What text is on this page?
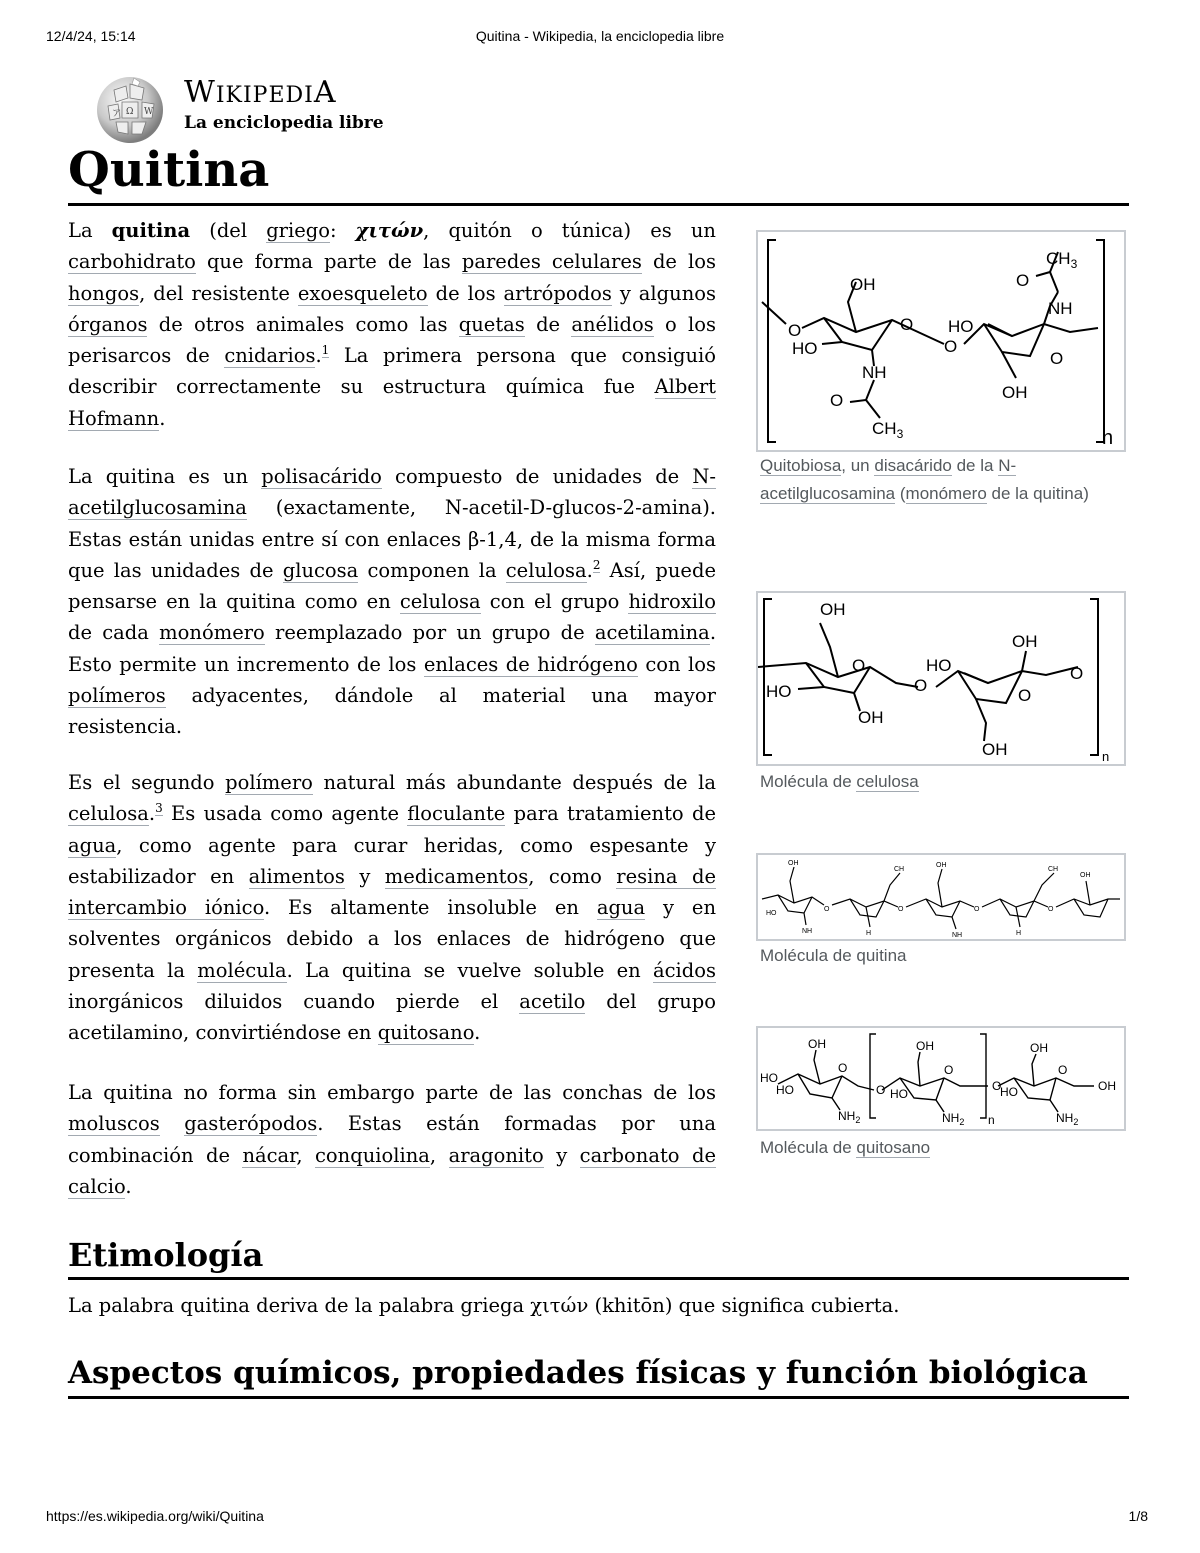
12/4/24, 15:14	Quitina - Wikipedia, la enciclopedia libre
Ω W
ア
WIKIPEDIA
La enciclopedia libre
Quitina

La quitina (del griego: χιτών, quitón o túnica) es un carbohidrato que forma parte de las paredes celulares de los hongos, del resistente exoesqueleto de los artrópodos y algunos órganos de otros animales como las quetas de anélidos o los perisarcos de cnidarios.$^1$ La primera persona que consiguió describir correctamente su estructura química fue Albert Hofmann.

La quitina es un polisacárido compuesto de unidades de N-acetilglucosamina (exactamente, N-acetil-D-glucos-2-amina). Estas están unidas entre sí con enlaces β-1,4, de la misma forma que las unidades de glucosa componen la celulosa.$^2$ Así, puede pensarse en la quitina como en celulosa con el grupo hidroxilo de cada monómero reemplazado por un grupo de acetilamina. Esto permite un incremento de los enlaces de hidrógeno con los polímeros adyacentes, dándole al material una mayor resistencia.

Es el segundo polímero natural más abundante después de la celulosa.$^3$ Es usada como agente floculante para tratamiento de agua, como agente para curar heridas, como espesante y estabilizador en alimentos y medicamentos, como resina de intercambio iónico. Es altamente insoluble en agua y en solventes orgánicos debido a los enlaces de hidrógeno que presenta la molécula. La quitina se vuelve soluble en ácidos inorgánicos diluidos cuando pierde el acetilo del grupo acetilamino, convirtiéndose en quitosano.

La quitina no forma sin embargo parte de las conchas de los moluscos gasterópodos. Estas están formadas por una combinación de nácar, conquiolina, aragonito y carbonato de calcio.

Etimología

La palabra quitina deriva de la palabra griega χιτών (khitōn) que significa cubierta.

Aspectos químicos, propiedades físicas y función biológica
O
OH
O
HO
NH
O
$CH_3$
O
HO
O
OH
NH
O
$CH_3$
n
Quitobiosa, un disacárido de la N-acetilglucosamina (monómero de la quitina)
OH
O
HO
OH
O
HO
OH
O
O
OH	n
Molécula de celulosa
OH
HO
O
CH
O
OH
O
CH
O
OH
NH	H	NH	H
Molécula de quitina
OH
O
HO
HO
$NH_2$
O
OH
O
HO
$NH_2$ n
O
OH
O
HO	OH
$NH_2$
Molécula de quitosano
https://es.wikipedia.org/wiki/Quitina	1/8
